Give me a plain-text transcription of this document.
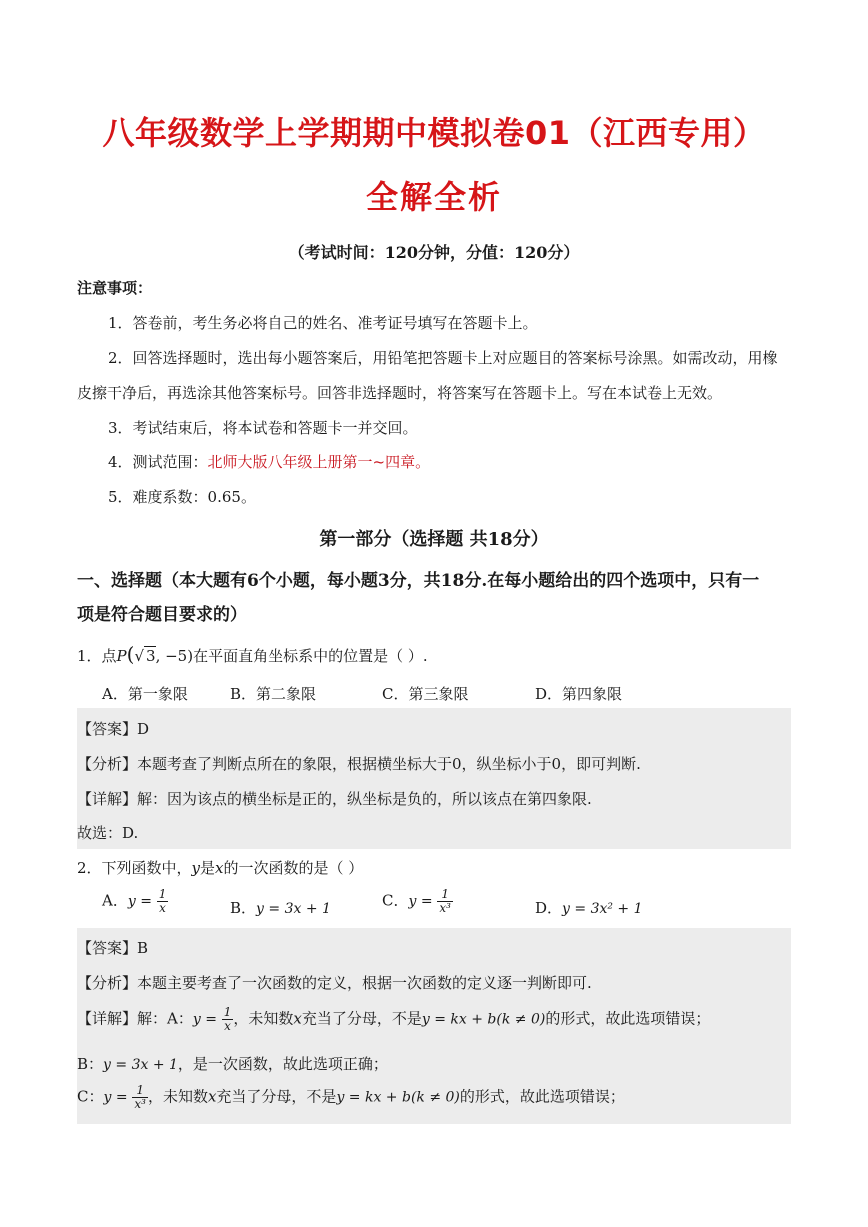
八年级数学上学期期中模拟卷01（江西专用）
全解全析
（考试时间：120分钟，分值：120分）
注意事项：
1．答卷前，考生务必将自己的姓名、准考证号填写在答题卡上。
2．回答选择题时，选出每小题答案后，用铅笔把答题卡上对应题目的答案标号涂黑。如需改动，用橡
皮擦干净后，再选涂其他答案标号。回答非选择题时，将答案写在答题卡上。写在本试卷上无效。
3．考试结束后，将本试卷和答题卡一并交回。
4．测试范围：北师大版八年级上册第一~四章。
5．难度系数：0.65。
第一部分（选择题 共18分）
一、选择题（本大题有6个小题，每小题3分，共18分.在每小题给出的四个选项中，只有一
项是符合题目要求的）
1．点P(√ 3, −5)在平面直角坐标系中的位置是（ ）.
A．第一象限	B．第二象限	C．第三象限	D．第四象限
【答案】D
【分析】本题考查了判断点所在的象限，根据横坐标大于0，纵坐标小于0，即可判断.
【详解】解：因为该点的横坐标是正的，纵坐标是负的，所以该点在第四象限.
故选：D.
2．下列函数中，y是x的一次函数的是（ ）
A．$y = \frac{1}{x}$	B．y = 3x + 1	C．$y = \frac{1}{\text{x³}}$	D．y = 3x² + 1
【答案】B
【分析】本题主要考查了一次函数的定义，根据一次函数的定义逐一判断即可.
【详解】解：A：$y = \frac{1}{x}$ ，未知数x充当了分母，不是y = kx + b(k ≠ 0)的形式，故此选项错误；
B：y = 3x + 1，是一次函数，故此选项正确；
C：$y = \frac{1}{\text{x³}}$ ，未知数x充当了分母，不是y = kx + b(k ≠ 0)的形式，故此选项错误；
